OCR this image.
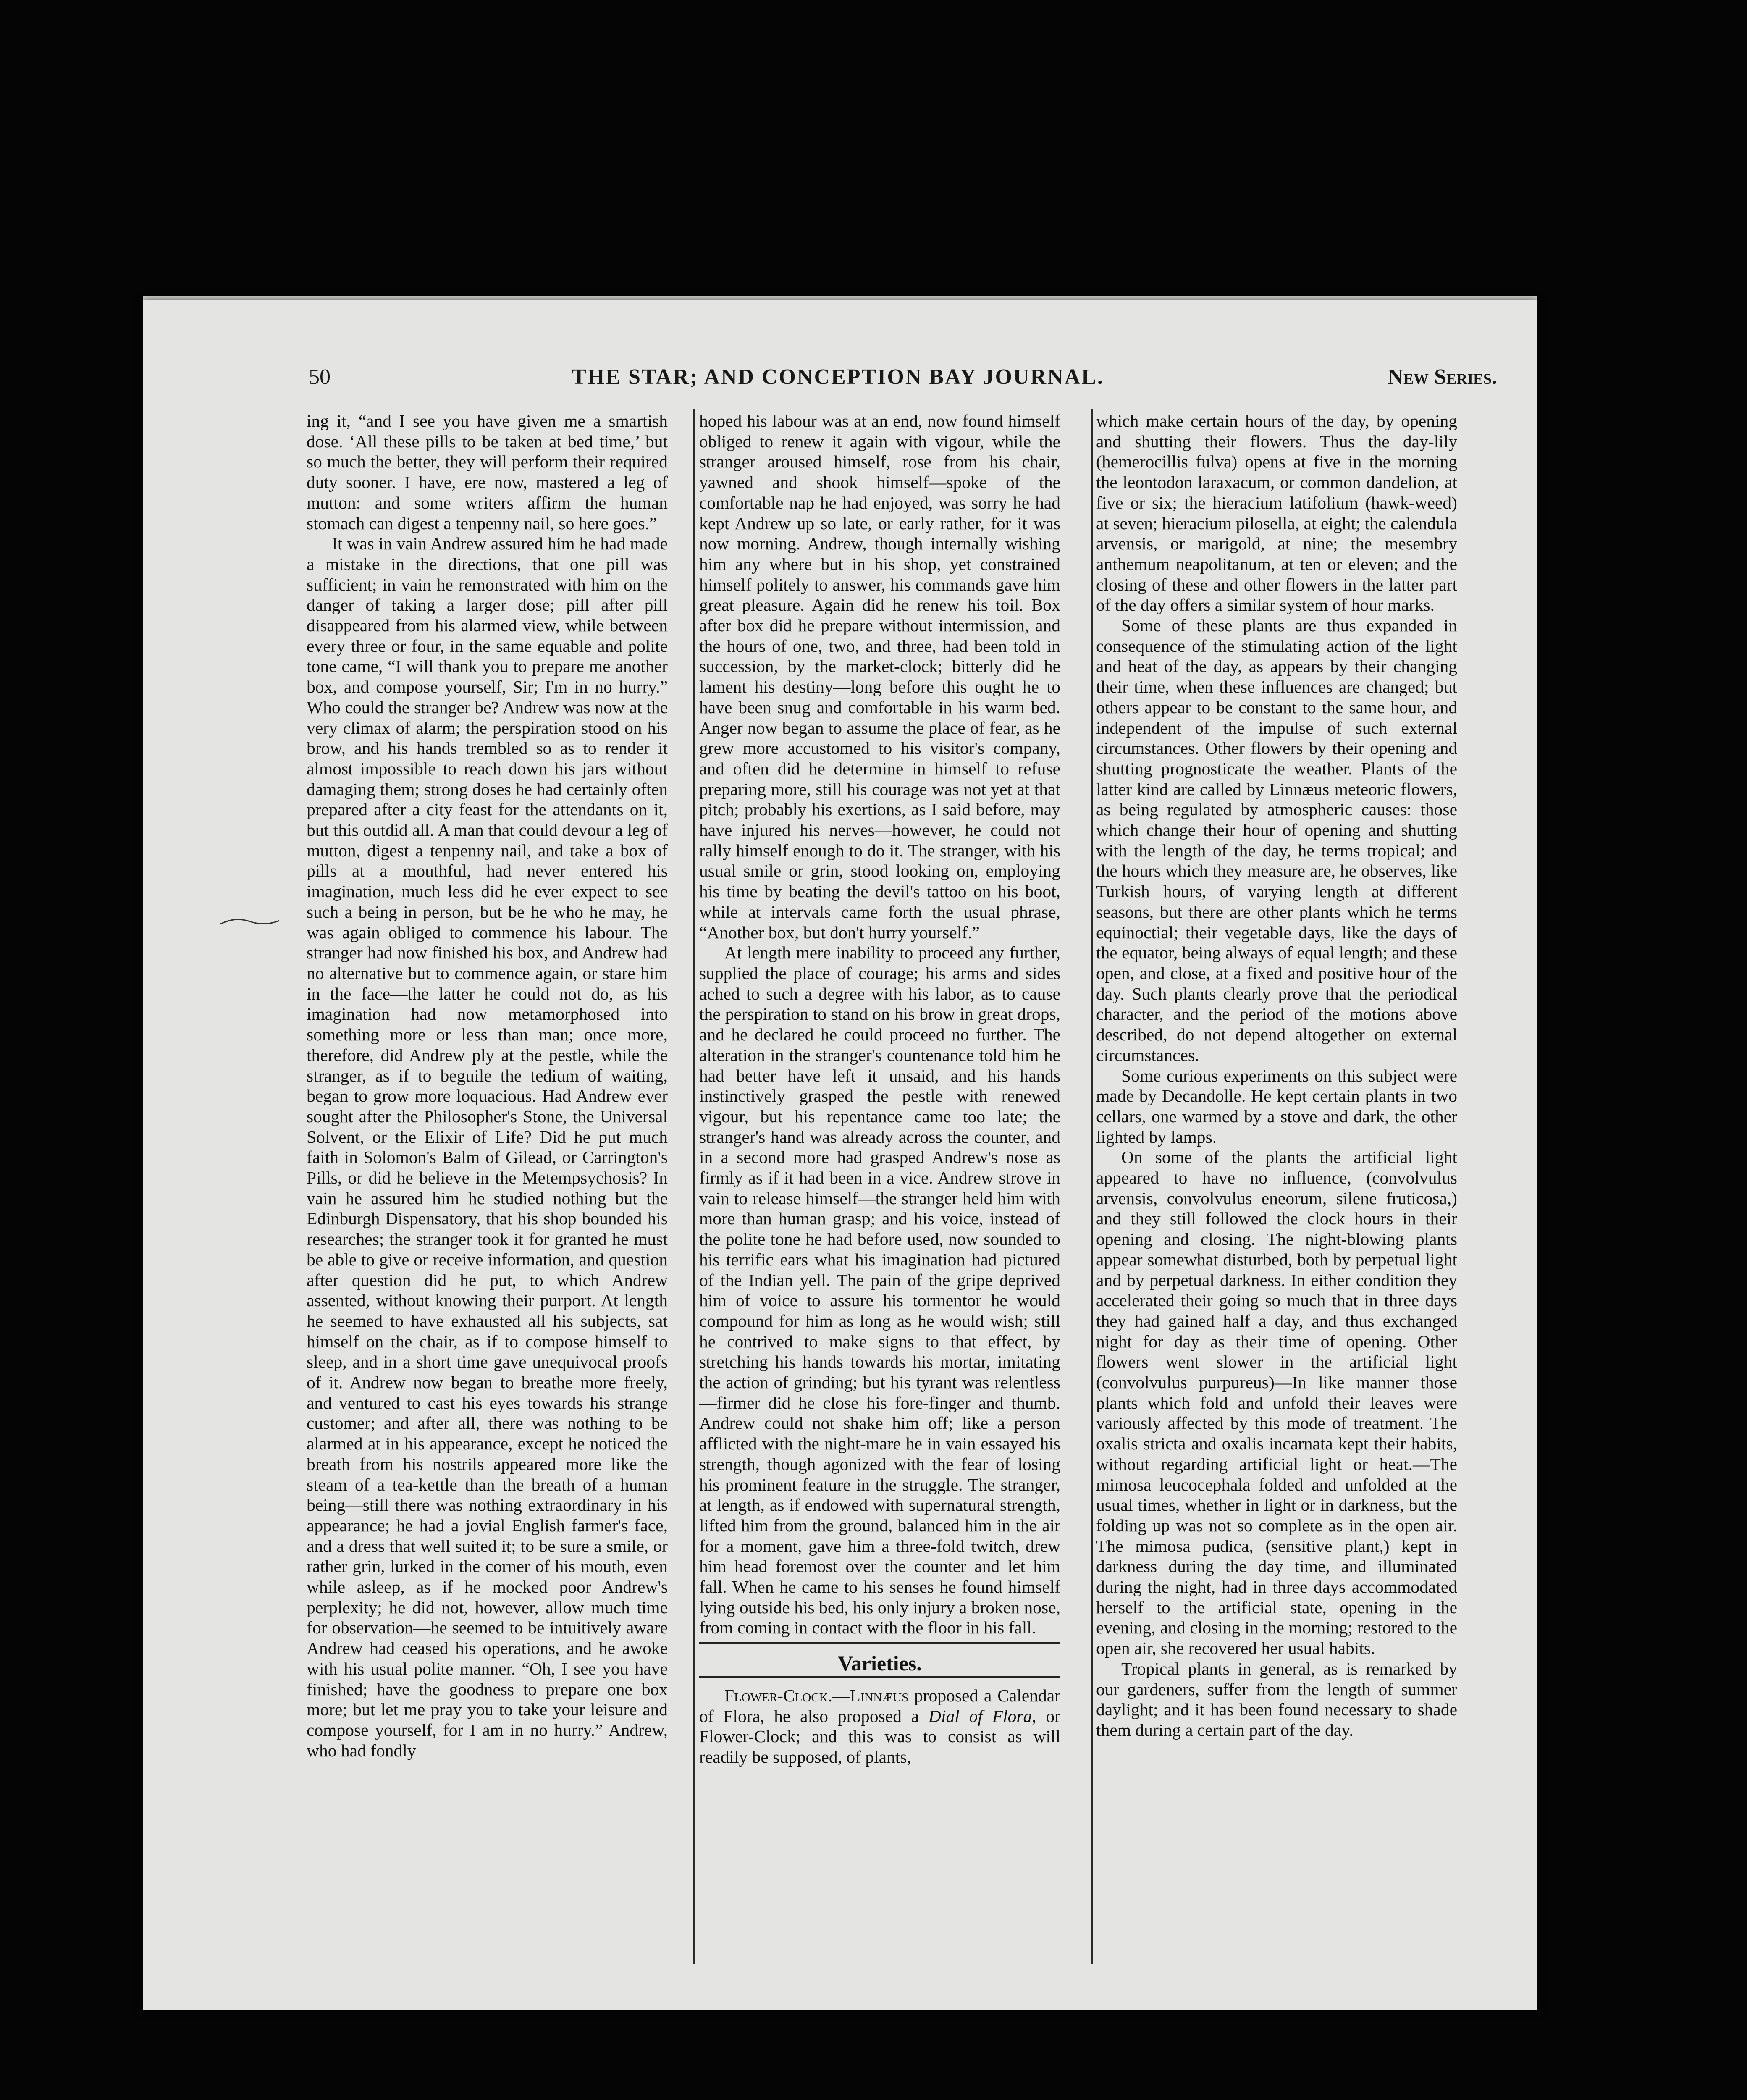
50	THE STAR; AND CONCEPTION BAY JOURNAL.	New Series.

ing it, “and I see you have given me a smartish dose. ‘All these pills to be taken at bed time,’ but so much the better, they will perform their required duty sooner. I have, ere now, mastered a leg of mutton: and some writers affirm the human stomach can digest a tenpenny nail, so here goes.”

It was in vain Andrew assured him he had made a mistake in the directions, that one pill was sufficient; in vain he remonstrated with him on the danger of taking a larger dose; pill after pill disappeared from his alarmed view, while between every three or four, in the same equable and polite tone came, “I will thank you to prepare me another box, and compose yourself, Sir; I'm in no hurry.” Who could the stranger be? Andrew was now at the very climax of alarm; the perspiration stood on his brow, and his hands trembled so as to render it almost impossible to reach down his jars without damaging them; strong doses he had certainly often prepared after a city feast for the attendants on it, but this outdid all. A man that could devour a leg of mutton, digest a tenpenny nail, and take a box of pills at a mouthful, had never entered his imagination, much less did he ever expect to see such a being in person, but be he who he may, he was again obliged to commence his labour. The stranger had now finished his box, and Andrew had no alternative but to commence again, or stare him in the face—the latter he could not do, as his imagination had now metamorphosed into something more or less than man; once more, therefore, did Andrew ply at the pestle, while the stranger, as if to beguile the tedium of waiting, began to grow more loquacious. Had Andrew ever sought after the Philosopher's Stone, the Universal Solvent, or the Elixir of Life? Did he put much faith in Solomon's Balm of Gilead, or Carrington's Pills, or did he believe in the Metempsychosis? In vain he assured him he studied nothing but the Edinburgh Dispensatory, that his shop bounded his researches; the stranger took it for granted he must be able to give or receive information, and question after question did he put, to which Andrew assented, without knowing their purport. At length he seemed to have exhausted all his subjects, sat himself on the chair, as if to compose himself to sleep, and in a short time gave unequivocal proofs of it. Andrew now began to breathe more freely, and ventured to cast his eyes towards his strange customer; and after all, there was nothing to be alarmed at in his appearance, except he noticed the breath from his nostrils appeared more like the steam of a tea-kettle than the breath of a human being—still there was nothing extraordinary in his appearance; he had a jovial English farmer's face, and a dress that well suited it; to be sure a smile, or rather grin, lurked in the corner of his mouth, even while asleep, as if he mocked poor Andrew's perplexity; he did not, however, allow much time for observation—he seemed to be intuitively aware Andrew had ceased his operations, and he awoke with his usual polite manner. “Oh, I see you have finished; have the goodness to prepare one box more; but let me pray you to take your leisure and compose yourself, for I am in no hurry.” Andrew, who had fondly

hoped his labour was at an end, now found himself obliged to renew it again with vigour, while the stranger aroused himself, rose from his chair, yawned and shook himself—spoke of the comfortable nap he had enjoyed, was sorry he had kept Andrew up so late, or early rather, for it was now morning. Andrew, though internally wishing him any where but in his shop, yet constrained himself politely to answer, his commands gave him great pleasure. Again did he renew his toil. Box after box did he prepare without intermission, and the hours of one, two, and three, had been told in succession, by the market-clock; bitterly did he lament his destiny—long before this ought he to have been snug and comfortable in his warm bed. Anger now began to assume the place of fear, as he grew more accustomed to his visitor's company, and often did he determine in himself to refuse preparing more, still his courage was not yet at that pitch; probably his exertions, as I said before, may have injured his nerves—however, he could not rally himself enough to do it. The stranger, with his usual smile or grin, stood looking on, employing his time by beating the devil's tattoo on his boot, while at intervals came forth the usual phrase, “Another box, but don't hurry yourself.”

At length mere inability to proceed any further, supplied the place of courage; his arms and sides ached to such a degree with his labor, as to cause the perspiration to stand on his brow in great drops, and he declared he could proceed no further. The alteration in the stranger's countenance told him he had better have left it unsaid, and his hands instinctively grasped the pestle with renewed vigour, but his repentance came too late; the stranger's hand was already across the counter, and in a second more had grasped Andrew's nose as firmly as if it had been in a vice. Andrew strove in vain to release himself—the stranger held him with more than human grasp; and his voice, instead of the polite tone he had before used, now sounded to his terrific ears what his imagination had pictured of the Indian yell. The pain of the gripe deprived him of voice to assure his tormentor he would compound for him as long as he would wish; still he contrived to make signs to that effect, by stretching his hands towards his mortar, imitating the action of grinding; but his tyrant was relentless—firmer did he close his fore-finger and thumb. Andrew could not shake him off; like a person afflicted with the night-mare he in vain essayed his strength, though agonized with the fear of losing his prominent feature in the struggle. The stranger, at length, as if endowed with supernatural strength, lifted him from the ground, balanced him in the air for a moment, gave him a three-fold twitch, drew him head foremost over the counter and let him fall. When he came to his senses he found himself lying outside his bed, his only injury a broken nose, from coming in contact with the floor in his fall.

Varieties.

Flower-Clock.—Linnæus proposed a Calendar of Flora, he also proposed a Dial of Flora, or Flower-Clock; and this was to consist as will readily be supposed, of plants,

which make certain hours of the day, by opening and shutting their flowers. Thus the day-lily (hemerocillis fulva) opens at five in the morning the leontodon laraxacum, or common dandelion, at five or six; the hieracium latifolium (hawk-weed) at seven; hieracium pilosella, at eight; the calendula arvensis, or marigold, at nine; the mesembry anthemum neapolitanum, at ten or eleven; and the closing of these and other flowers in the latter part of the day offers a similar system of hour marks.

Some of these plants are thus expanded in consequence of the stimulating action of the light and heat of the day, as appears by their changing their time, when these influences are changed; but others appear to be constant to the same hour, and independent of the impulse of such external circumstances. Other flowers by their opening and shutting prognosticate the weather. Plants of the latter kind are called by Linnæus meteoric flowers, as being regulated by atmospheric causes: those which change their hour of opening and shutting with the length of the day, he terms tropical; and the hours which they measure are, he observes, like Turkish hours, of varying length at different seasons, but there are other plants which he terms equinoctial; their vegetable days, like the days of the equator, being always of equal length; and these open, and close, at a fixed and positive hour of the day. Such plants clearly prove that the periodical character, and the period of the motions above described, do not depend altogether on external circumstances.

Some curious experiments on this subject were made by Decandolle. He kept certain plants in two cellars, one warmed by a stove and dark, the other lighted by lamps.

On some of the plants the artificial light appeared to have no influence, (convolvulus arvensis, convolvulus eneorum, silene fruticosa,) and they still followed the clock hours in their opening and closing. The night-blowing plants appear somewhat disturbed, both by perpetual light and by perpetual darkness. In either condition they accelerated their going so much that in three days they had gained half a day, and thus exchanged night for day as their time of opening. Other flowers went slower in the artificial light (convolvulus purpureus)—In like manner those plants which fold and unfold their leaves were variously affected by this mode of treatment. The oxalis stricta and oxalis incarnata kept their habits, without regarding artificial light or heat.—The mimosa leucocephala folded and unfolded at the usual times, whether in light or in darkness, but the folding up was not so complete as in the open air. The mimosa pudica, (sensitive plant,) kept in darkness during the day time, and illuminated during the night, had in three days accommodated herself to the artificial state, opening in the evening, and closing in the morning; restored to the open air, she recovered her usual habits.

Tropical plants in general, as is remarked by our gardeners, suffer from the length of summer daylight; and it has been found necessary to shade them during a certain part of the day.
